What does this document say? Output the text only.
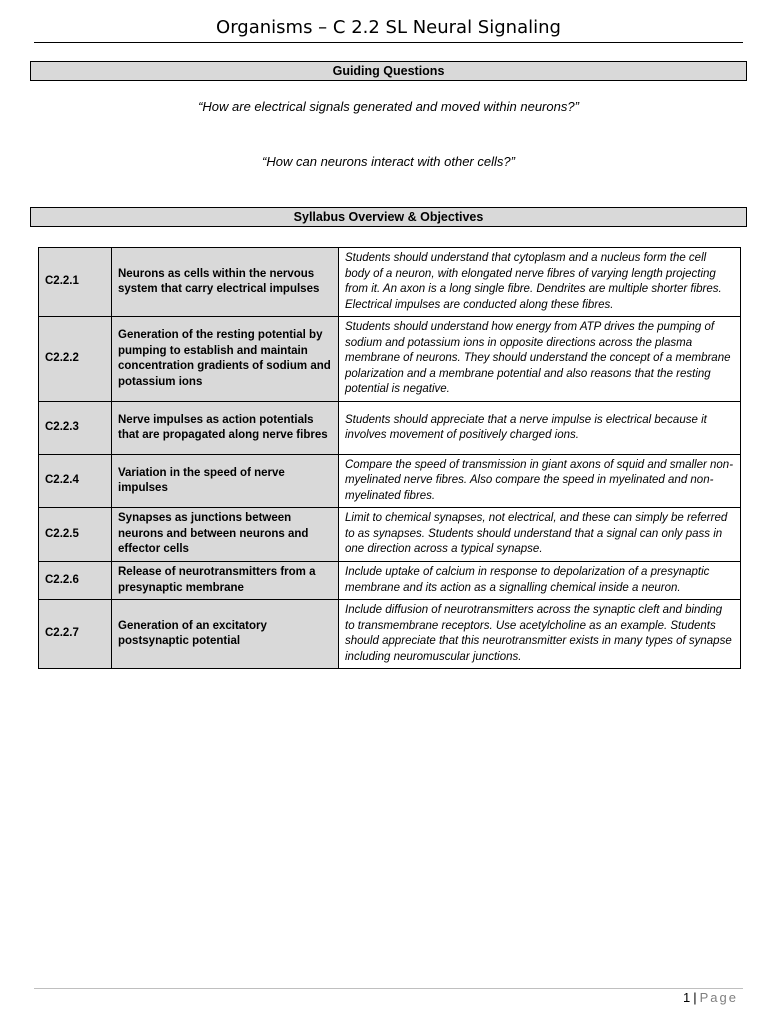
Organisms – C 2.2 SL Neural Signaling
Guiding Questions
“How are electrical signals generated and moved within neurons?”
“How can neurons interact with other cells?”
Syllabus Overview & Objectives
C2.2.1	Neurons as cells within the nervous system that carry electrical impulses	Students should understand that cytoplasm and a nucleus form the cell body of a neuron, with elongated nerve fibres of varying length projecting from it. An axon is a long single fibre. Dendrites are multiple shorter fibres. Electrical impulses are conducted along these fibres.
C2.2.2	Generation of the resting potential by pumping to establish and maintain concentration gradients of sodium and potassium ions	Students should understand how energy from ATP drives the pumping of sodium and potassium ions in opposite directions across the plasma membrane of neurons. They should understand the concept of a membrane polarization and a membrane potential and also reasons that the resting potential is negative.
C2.2.3	Nerve impulses as action potentials that are propagated along nerve fibres	Students should appreciate that a nerve impulse is electrical because it involves movement of positively charged ions.
C2.2.4	Variation in the speed of nerve impulses	Compare the speed of transmission in giant axons of squid and smaller non-myelinated nerve fibres. Also compare the speed in myelinated and non-myelinated fibres.
C2.2.5	Synapses as junctions between neurons and between neurons and effector cells	Limit to chemical synapses, not electrical, and these can simply be referred to as synapses. Students should understand that a signal can only pass in one direction across a typical synapse.
C2.2.6	Release of neurotransmitters from a presynaptic membrane	Include uptake of calcium in response to depolarization of a presynaptic membrane and its action as a signalling chemical inside a neuron.
C2.2.7	Generation of an excitatory postsynaptic potential	Include diffusion of neurotransmitters across the synaptic cleft and binding to transmembrane receptors. Use acetylcholine as an example. Students should appreciate that this neurotransmitter exists in many types of synapse including neuromuscular junctions.
1 | Page
